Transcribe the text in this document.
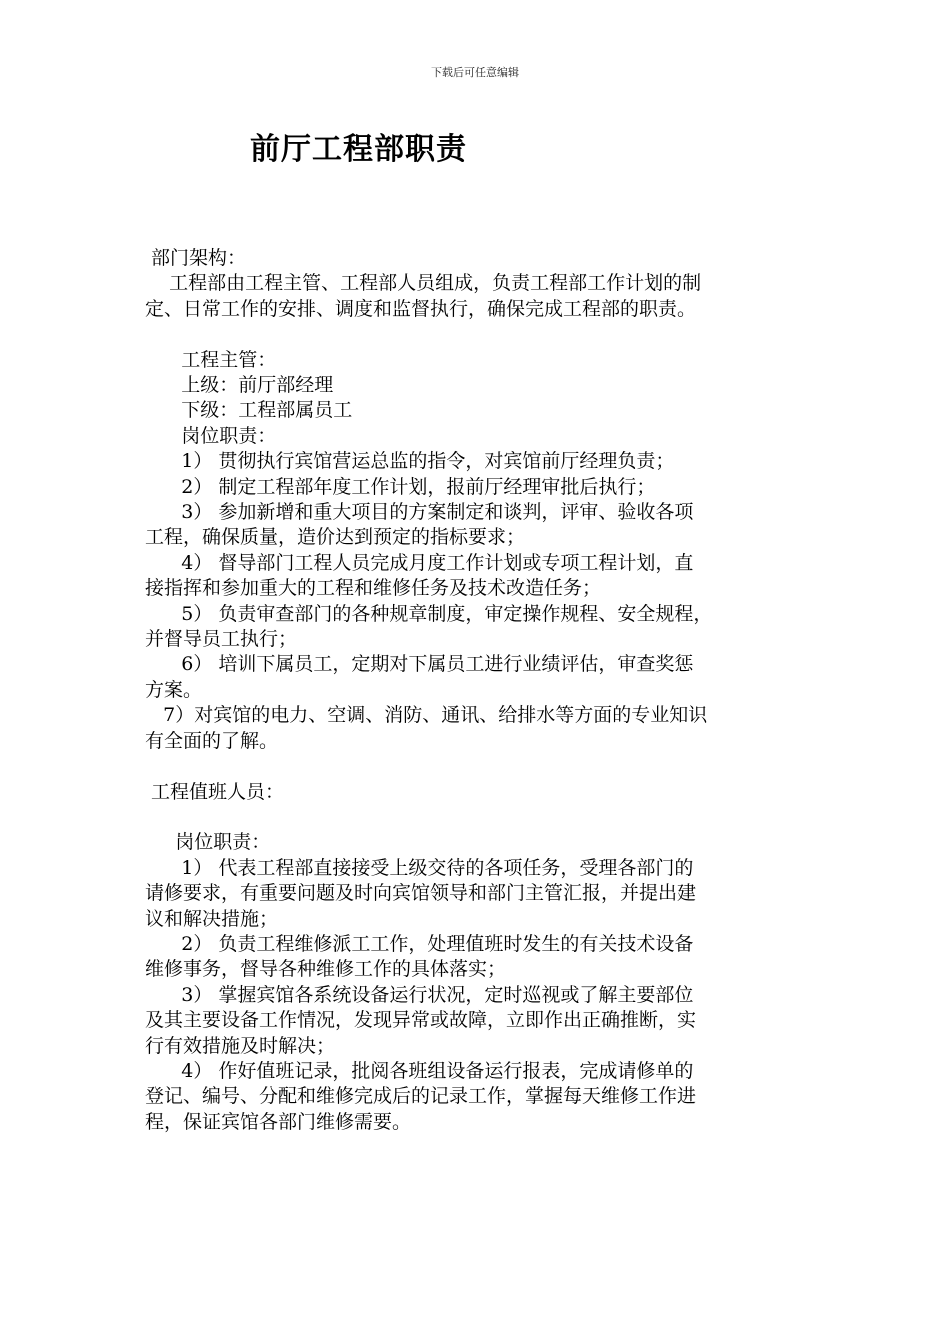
下载后可任意编辑
前厅工程部职责

部门架构：

工程部由工程主管、工程部人员组成，负责工程部工作计划的制

定、日常工作的安排、调度和监督执行，确保完成工程部的职责。

工程主管：

上级：前厅部经理

下级：工程部属员工

岗位职责：

1） 贯彻执行宾馆营运总监的指令，对宾馆前厅经理负责；

2） 制定工程部年度工作计划，报前厅经理审批后执行；

3） 参加新增和重大项目的方案制定和谈判，评审、验收各项

工程，确保质量，造价达到预定的指标要求；

4） 督导部门工程人员完成月度工作计划或专项工程计划，直

接指挥和参加重大的工程和维修任务及技术改造任务；

5） 负责审查部门的各种规章制度，审定操作规程、安全规程，

并督导员工执行；

6） 培训下属员工，定期对下属员工进行业绩评估，审查奖惩

方案。

7）对宾馆的电力、空调、消防、通讯、给排水等方面的专业知识

有全面的了解。

工程值班人员：

岗位职责：

1） 代表工程部直接接受上级交待的各项任务，受理各部门的

请修要求，有重要问题及时向宾馆领导和部门主管汇报，并提出建

议和解决措施；

2） 负责工程维修派工工作，处理值班时发生的有关技术设备

维修事务，督导各种维修工作的具体落实；

3） 掌握宾馆各系统设备运行状况，定时巡视或了解主要部位

及其主要设备工作情况，发现异常或故障，立即作出正确推断，实

行有效措施及时解决；

4） 作好值班记录，批阅各班组设备运行报表，完成请修单的

登记、编号、分配和维修完成后的记录工作，掌握每天维修工作进

程，保证宾馆各部门维修需要。
